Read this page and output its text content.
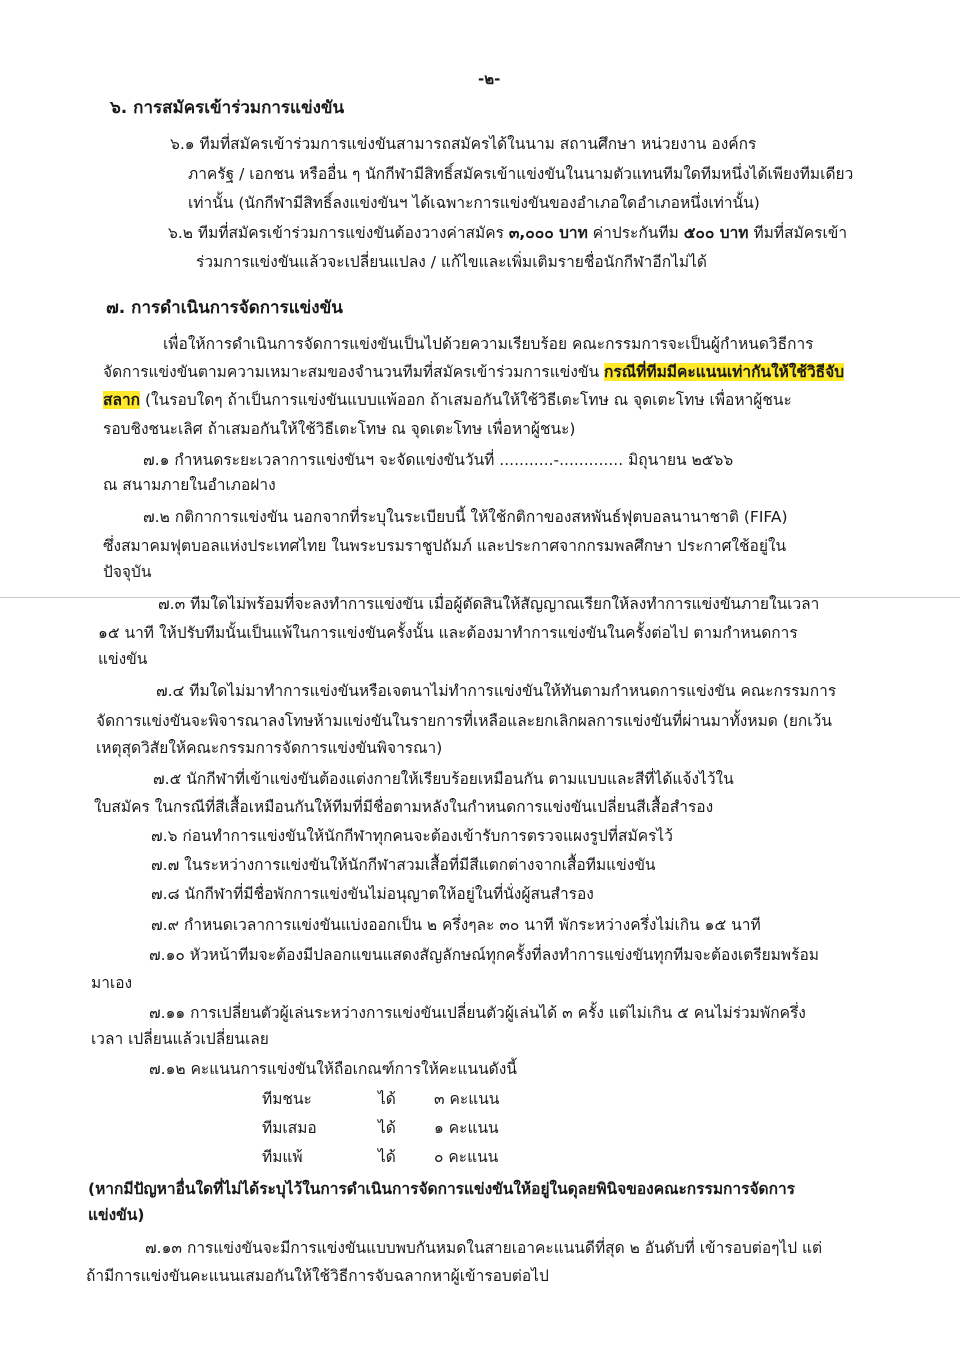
-๒-
๖. การสมัครเข้าร่วมการแข่งขัน
๖.๑ ทีมที่สมัครเข้าร่วมการแข่งขันสามารถสมัครได้ในนาม สถานศึกษา หน่วยงาน องค์กร
ภาครัฐ / เอกชน หรืออื่น ๆ นักกีฬามีสิทธิ์สมัครเข้าแข่งขันในนามตัวแทนทีมใดทีมหนึ่งได้เพียงทีมเดียว
เท่านั้น (นักกีฬามีสิทธิ์ลงแข่งขันฯ ได้เฉพาะการแข่งขันของอำเภอใดอำเภอหนึ่งเท่านั้น)
๖.๒ ทีมที่สมัครเข้าร่วมการแข่งขันต้องวางค่าสมัคร ๓,๐๐๐ บาท ค่าประกันทีม ๕๐๐ บาท ทีมที่สมัครเข้า
ร่วมการแข่งขันแล้วจะเปลี่ยนแปลง / แก้ไขและเพิ่มเติมรายชื่อนักกีฬาอีกไม่ได้
๗. การดำเนินการจัดการแข่งขัน
เพื่อให้การดำเนินการจัดการแข่งขันเป็นไปด้วยความเรียบร้อย คณะกรรมการจะเป็นผู้กำหนดวิธีการ
จัดการแข่งขันตามความเหมาะสมของจำนวนทีมที่สมัครเข้าร่วมการแข่งขัน กรณีที่ทีมมีคะแนนเท่ากันให้ใช้วิธีจับ
สลาก (ในรอบใดๆ ถ้าเป็นการแข่งขันแบบแพ้ออก ถ้าเสมอกันให้ใช้วิธีเตะโทษ ณ จุดเตะโทษ เพื่อหาผู้ชนะ
รอบชิงชนะเลิศ ถ้าเสมอกันให้ใช้วิธีเตะโทษ ณ จุดเตะโทษ เพื่อหาผู้ชนะ)
๗.๑ กำหนดระยะเวลาการแข่งขันฯ จะจัดแข่งขันวันที่ ...........-............. มิถุนายน ๒๕๖๖
ณ สนามภายในอำเภอฝาง
๗.๒ กติกาการแข่งขัน นอกจากที่ระบุในระเบียบนี้ ให้ใช้กติกาของสหพันธ์ฟุตบอลนานาชาติ (FIFA)
ซึ่งสมาคมฟุตบอลแห่งประเทศไทย ในพระบรมราชูปถัมภ์ และประกาศจากกรมพลศึกษา ประกาศใช้อยู่ใน
ปัจจุบัน
๗.๓ ทีมใดไม่พร้อมที่จะลงทำการแข่งขัน เมื่อผู้ตัดสินให้สัญญาณเรียกให้ลงทำการแข่งขันภายในเวลา
๑๕ นาที ให้ปรับทีมนั้นเป็นแพ้ในการแข่งขันครั้งนั้น และต้องมาทำการแข่งขันในครั้งต่อไป ตามกำหนดการ
แข่งขัน
๗.๔ ทีมใดไม่มาทำการแข่งขันหรือเจตนาไม่ทำการแข่งขันให้ทันตามกำหนดการแข่งขัน คณะกรรมการ
จัดการแข่งขันจะพิจารณาลงโทษห้ามแข่งขันในรายการที่เหลือและยกเลิกผลการแข่งขันที่ผ่านมาทั้งหมด (ยกเว้น
เหตุสุดวิสัยให้คณะกรรมการจัดการแข่งขันพิจารณา)
๗.๕ นักกีฬาที่เข้าแข่งขันต้องแต่งกายให้เรียบร้อยเหมือนกัน ตามแบบและสีที่ได้แจ้งไว้ใน
ใบสมัคร ในกรณีที่สีเสื้อเหมือนกันให้ทีมที่มีชื่อตามหลังในกำหนดการแข่งขันเปลี่ยนสีเสื้อสำรอง
๗.๖ ก่อนทำการแข่งขันให้นักกีฬาทุกคนจะต้องเข้ารับการตรวจแผงรูปที่สมัครไว้
๗.๗ ในระหว่างการแข่งขันให้นักกีฬาสวมเสื้อที่มีสีแตกต่างจากเสื้อทีมแข่งขัน
๗.๘ นักกีฬาที่มีชื่อพักการแข่งขันไม่อนุญาตให้อยู่ในที่นั่งผู้สนสำรอง
๗.๙ กำหนดเวลาการแข่งขันแบ่งออกเป็น ๒ ครึ่งๆละ ๓๐ นาที พักระหว่างครึ่งไม่เกิน ๑๕ นาที
๗.๑๐ หัวหน้าทีมจะต้องมีปลอกแขนแสดงสัญลักษณ์ทุกครั้งที่ลงทำการแข่งขันทุกทีมจะต้องเตรียมพร้อม
มาเอง
๗.๑๑ การเปลี่ยนตัวผู้เล่นระหว่างการแข่งขันเปลี่ยนตัวผู้เล่นได้ ๓ ครั้ง แต่ไม่เกิน ๕ คนไม่ร่วมพักครึ่ง
เวลา เปลี่ยนแล้วเปลี่ยนเลย
๗.๑๒ คะแนนการแข่งขันให้ถือเกณฑ์การให้คะแนนดังนี้
ทีมชนะ	ได้ ๓ คะแนน
ทีมเสมอ	ได้ ๑ คะแนน
ทีมแพ้	ได้ ๐ คะแนน
(หากมีปัญหาอื่นใดที่ไม่ได้ระบุไว้ในการดำเนินการจัดการแข่งขันให้อยู่ในดุลยพินิจของคณะกรรมการจัดการ
แข่งขัน)
๗.๑๓ การแข่งขันจะมีการแข่งขันแบบพบกันหมดในสายเอาคะแนนดีที่สุด ๒ อันดับที่ เข้ารอบต่อๆไป แต่
ถ้ามีการแข่งขันคะแนนเสมอกันให้ใช้วิธีการจับฉลากหาผู้เข้ารอบต่อไป
